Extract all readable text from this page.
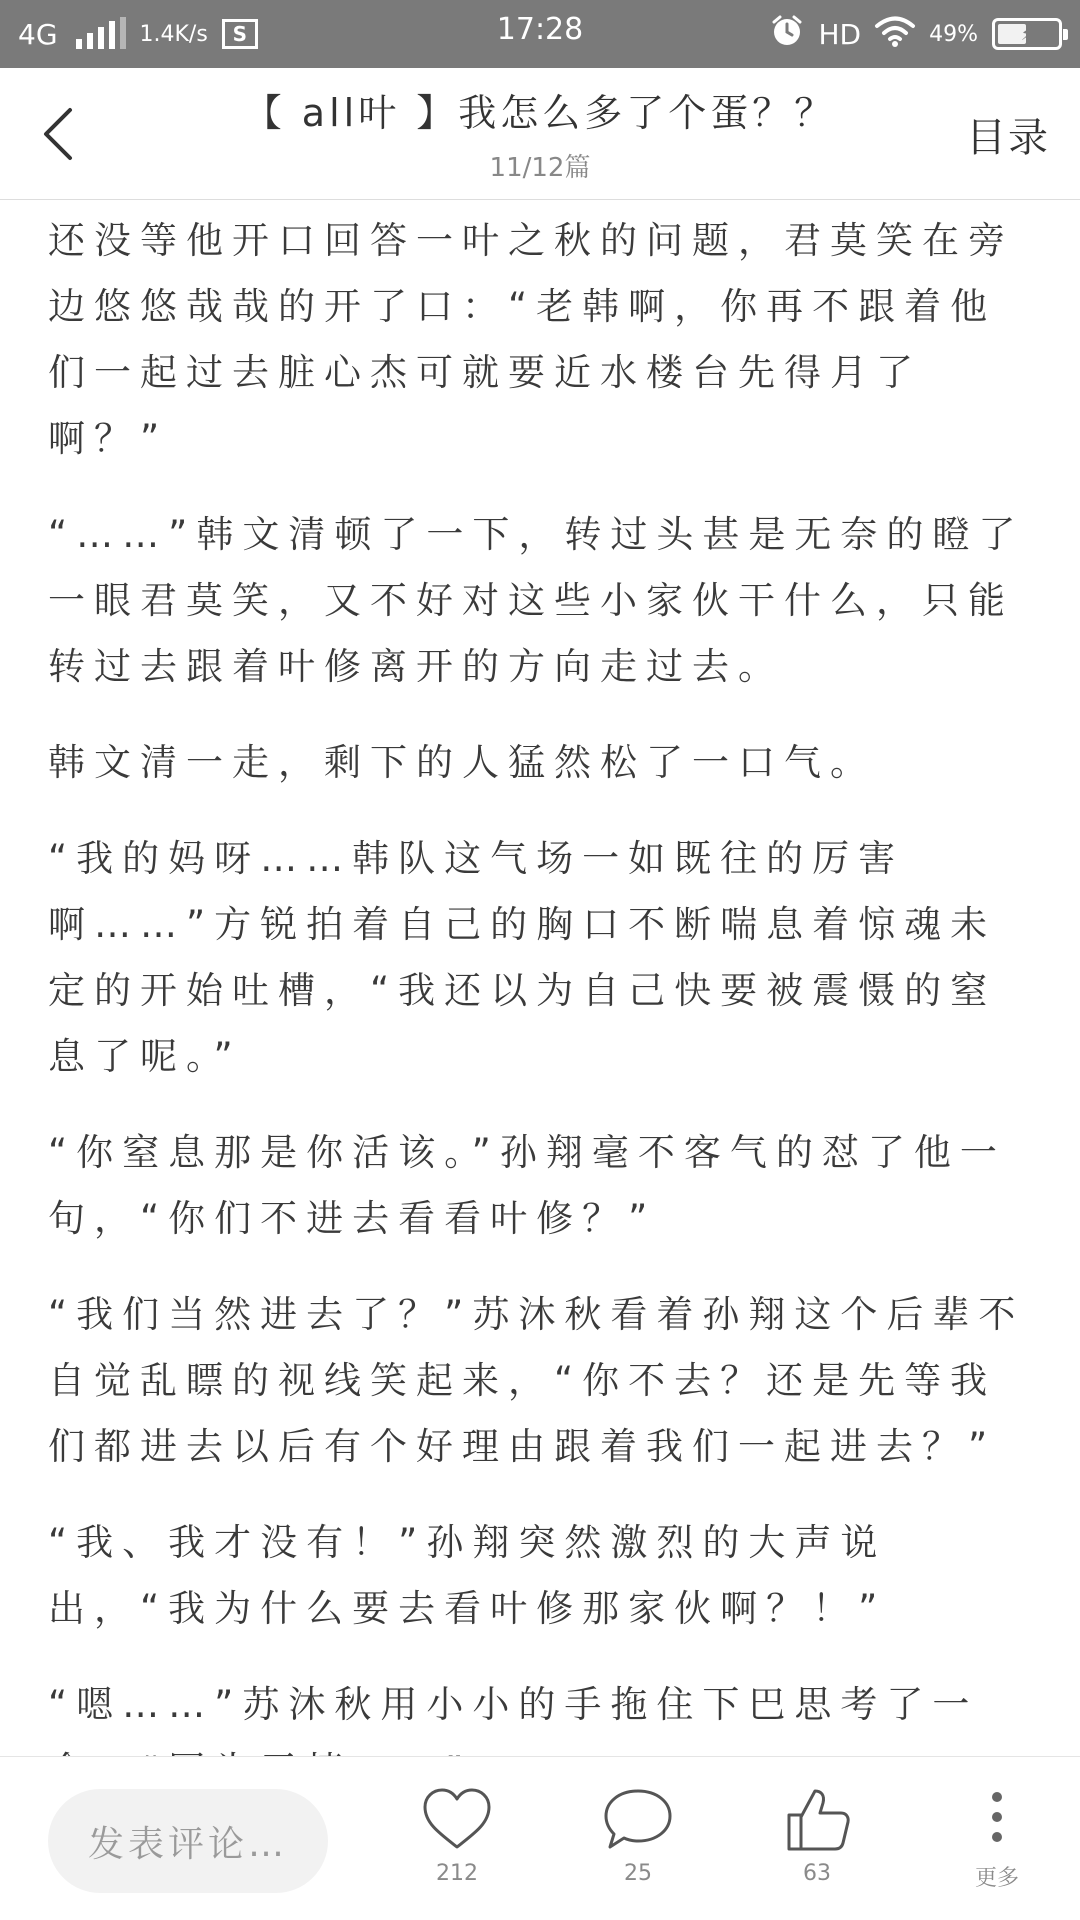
4G	1.4K/s	S	17:28	HD	49% ⚡
【 all叶 】我怎么多了个蛋？？
11/12篇
目录

还没等他开口回答一叶之秋的问题，君莫笑在旁边悠悠哉哉的开了口：“老韩啊，你再不跟着他们一起过去脏心杰可就要近水楼台先得月了啊？”

“……”韩文清顿了一下，转过头甚是无奈的瞪了一眼君莫笑，又不好对这些小家伙干什么，只能转过去跟着叶修离开的方向走过去。

韩文清一走，剩下的人猛然松了一口气。

“我的妈呀……韩队这气场一如既往的厉害啊……”方锐拍着自己的胸口不断喘息着惊魂未定的开始吐槽，“我还以为自己快要被震慑的窒息了呢。”

“你窒息那是你活该。”孙翔毫不客气的怼了他一句，“你们不进去看看叶修？”

“我们当然进去了？”苏沐秋看着孙翔这个后辈不自觉乱瞟的视线笑起来，“你不去？还是先等我们都进去以后有个好理由跟着我们一起进去？”

“我、我才没有！”孙翔突然激烈的大声说出，“我为什么要去看叶修那家伙啊？！”

“嗯……”苏沐秋用小小的手拖住下巴思考了一

发表评论…
212	25	63	更多
